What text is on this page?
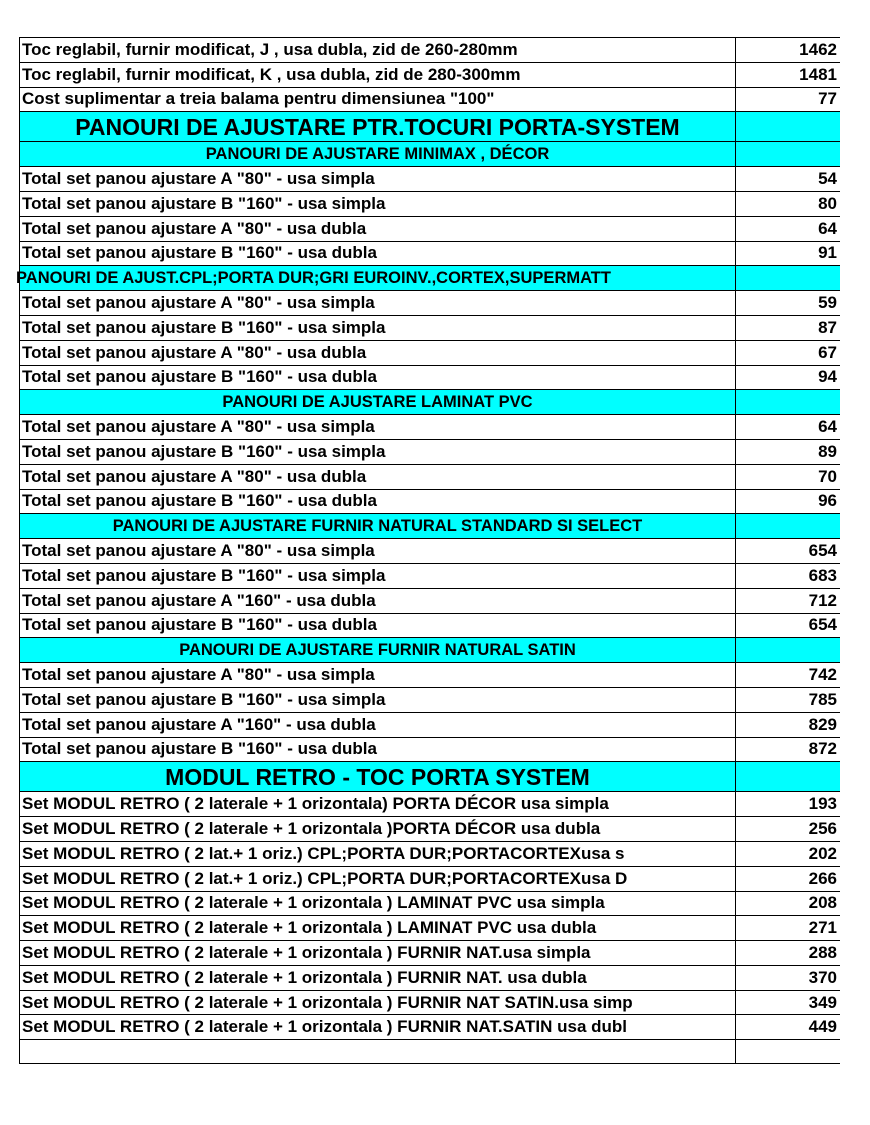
Toc reglabil, furnir modificat, J , usa dubla, zid de 260-280mm	1462
Toc reglabil, furnir modificat, K , usa dubla, zid de 280-300mm	1481
Cost suplimentar a treia balama pentru dimensiunea "100"	77
PANOURI DE AJUSTARE PTR.TOCURI PORTA-SYSTEM	
PANOURI DE AJUSTARE MINIMAX , DÉCOR	
Total set panou ajustare A "80" - usa simpla	54
Total set panou ajustare B "160" - usa simpla	80
Total set panou ajustare A "80" - usa dubla	64
Total set panou ajustare B "160" - usa dubla	91
PANOURI DE AJUST.CPL;PORTA DUR;GRI EUROINV.,CORTEX,SUPERMATT	
Total set panou ajustare A "80" - usa simpla	59
Total set panou ajustare B "160" - usa simpla	87
Total set panou ajustare A "80" - usa dubla	67
Total set panou ajustare B "160" - usa dubla	94
PANOURI DE AJUSTARE LAMINAT PVC	
Total set panou ajustare A "80" - usa simpla	64
Total set panou ajustare B "160" - usa simpla	89
Total set panou ajustare A "80" - usa dubla	70
Total set panou ajustare B "160" - usa dubla	96
PANOURI DE AJUSTARE FURNIR NATURAL STANDARD SI SELECT	
Total set panou ajustare A "80" - usa simpla	654
Total set panou ajustare B "160" - usa simpla	683
Total set panou ajustare A "160" - usa dubla	712
Total set panou ajustare B "160" - usa dubla	654
PANOURI DE AJUSTARE FURNIR NATURAL SATIN	
Total set panou ajustare A "80" - usa simpla	742
Total set panou ajustare B "160" - usa simpla	785
Total set panou ajustare A "160" - usa dubla	829
Total set panou ajustare B "160" - usa dubla	872
MODUL RETRO - TOC PORTA SYSTEM	
Set MODUL RETRO ( 2 laterale + 1 orizontala) PORTA DÉCOR usa simpla	193
Set MODUL RETRO ( 2 laterale + 1 orizontala )PORTA DÉCOR usa dubla	256
Set MODUL RETRO ( 2 lat.+ 1 oriz.) CPL;PORTA DUR;PORTACORTEXusa s	202
Set MODUL RETRO ( 2 lat.+ 1 oriz.) CPL;PORTA DUR;PORTACORTEXusa D	266
Set MODUL RETRO ( 2 laterale + 1 orizontala ) LAMINAT PVC usa simpla	208
Set MODUL RETRO ( 2 laterale + 1 orizontala ) LAMINAT PVC usa dubla	271
Set MODUL RETRO ( 2 laterale + 1 orizontala ) FURNIR NAT.usa simpla	288
Set MODUL RETRO ( 2 laterale + 1 orizontala ) FURNIR NAT. usa dubla	370
Set MODUL RETRO ( 2 laterale + 1 orizontala ) FURNIR NAT SATIN.usa simp	349
Set MODUL RETRO ( 2 laterale + 1 orizontala ) FURNIR NAT.SATIN usa dubl	449
